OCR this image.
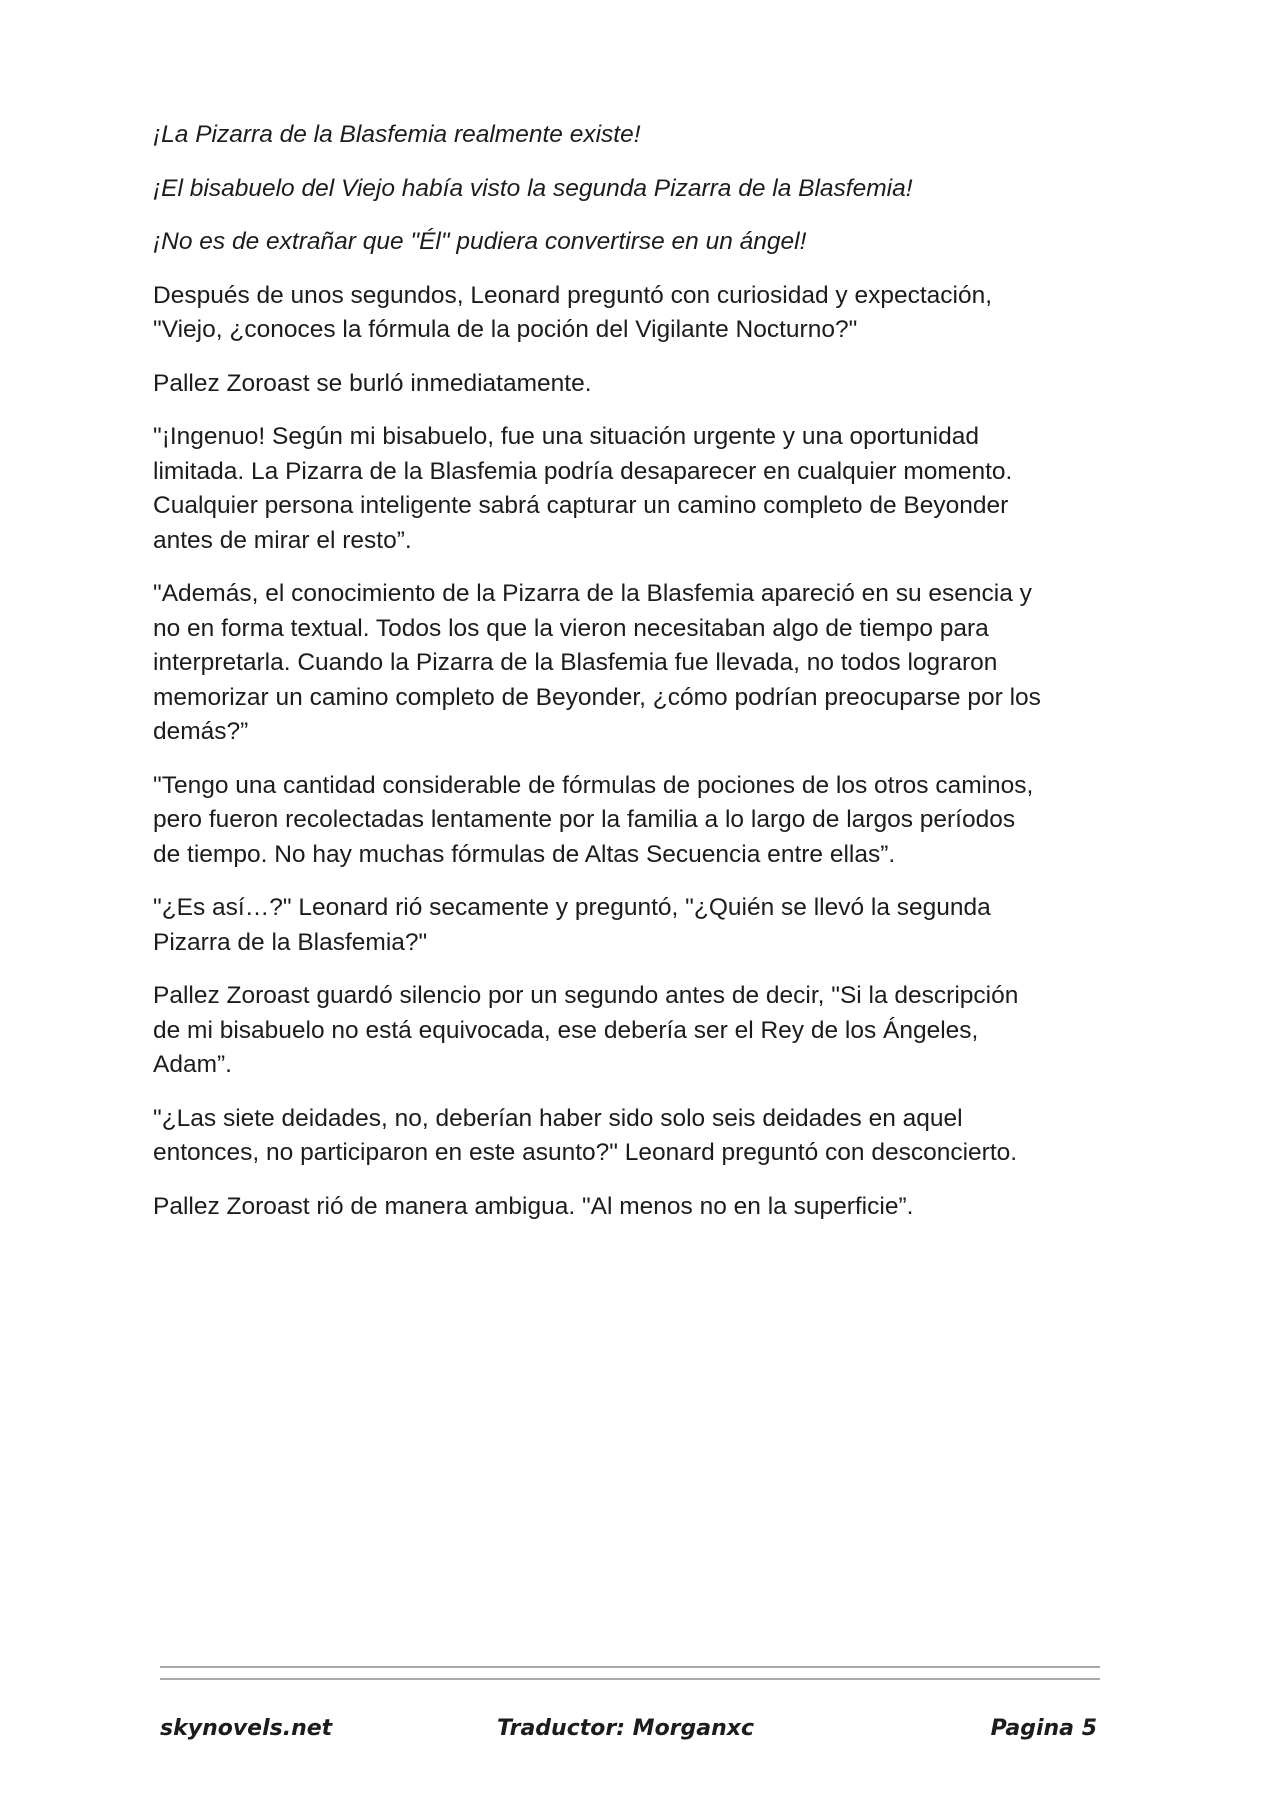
¡La Pizarra de la Blasfemia realmente existe!

¡El bisabuelo del Viejo había visto la segunda Pizarra de la Blasfemia!

¡No es de extrañar que "Él" pudiera convertirse en un ángel!

Después de unos segundos, Leonard preguntó con curiosidad y expectación,
"Viejo, ¿conoces la fórmula de la poción del Vigilante Nocturno?"

Pallez Zoroast se burló inmediatamente.

"¡Ingenuo! Según mi bisabuelo, fue una situación urgente y una oportunidad
limitada. La Pizarra de la Blasfemia podría desaparecer en cualquier momento.
Cualquier persona inteligente sabrá capturar un camino completo de Beyonder
antes de mirar el resto”.

"Además, el conocimiento de la Pizarra de la Blasfemia apareció en su esencia y
no en forma textual. Todos los que la vieron necesitaban algo de tiempo para
interpretarla. Cuando la Pizarra de la Blasfemia fue llevada, no todos lograron
memorizar un camino completo de Beyonder, ¿cómo podrían preocuparse por los
demás?”

"Tengo una cantidad considerable de fórmulas de pociones de los otros caminos,
pero fueron recolectadas lentamente por la familia a lo largo de largos períodos
de tiempo. No hay muchas fórmulas de Altas Secuencia entre ellas”.

"¿Es así…?" Leonard rió secamente y preguntó, "¿Quién se llevó la segunda
Pizarra de la Blasfemia?"

Pallez Zoroast guardó silencio por un segundo antes de decir, "Si la descripción
de mi bisabuelo no está equivocada, ese debería ser el Rey de los Ángeles,
Adam”.

"¿Las siete deidades, no, deberían haber sido solo seis deidades en aquel
entonces, no participaron en este asunto?" Leonard preguntó con desconcierto.

Pallez Zoroast rió de manera ambigua. "Al menos no en la superficie”.

skynovels.net	Traductor: Morganxc	Pagina 5
